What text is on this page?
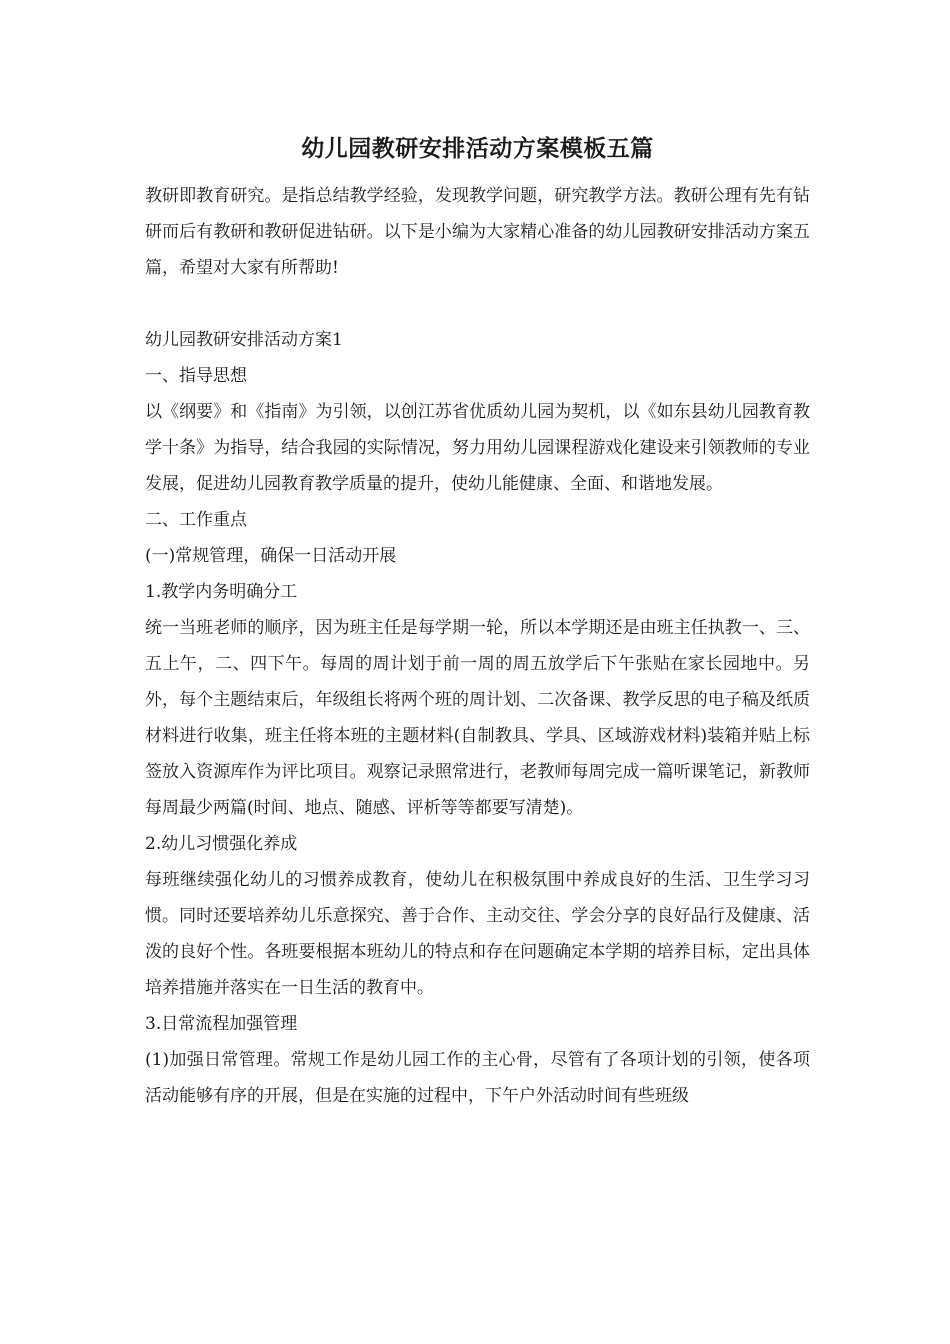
幼儿园教研安排活动方案模板五篇

教研即教育研究。是指总结教学经验，发现教学问题，研究教学方法。教研公理有先有钻研而后有教研和教研促进钻研。以下是小编为大家精心准备的幼儿园教研安排活动方案五篇，希望对大家有所帮助!

幼儿园教研安排活动方案1

一、指导思想

以《纲要》和《指南》为引领，以创江苏省优质幼儿园为契机，以《如东县幼儿园教育教学十条》为指导，结合我园的实际情况，努力用幼儿园课程游戏化建设来引领教师的专业发展，促进幼儿园教育教学质量的提升，使幼儿能健康、全面、和谐地发展。

二、工作重点

(一)常规管理，确保一日活动开展

1.教学内务明确分工

统一当班老师的顺序，因为班主任是每学期一轮，所以本学期还是由班主任执教一、三、五上午，二、四下午。每周的周计划于前一周的周五放学后下午张贴在家长园地中。另外，每个主题结束后，年级组长将两个班的周计划、二次备课、教学反思的电子稿及纸质材料进行收集，班主任将本班的主题材料(自制教具、学具、区域游戏材料)装箱并贴上标签放入资源库作为评比项目。观察记录照常进行，老教师每周完成一篇听课笔记，新教师每周最少两篇(时间、地点、随感、评析等等都要写清楚)。

2.幼儿习惯强化养成

每班继续强化幼儿的习惯养成教育，使幼儿在积极氛围中养成良好的生活、卫生学习习惯。同时还要培养幼儿乐意探究、善于合作、主动交往、学会分享的良好品行及健康、活泼的良好个性。各班要根据本班幼儿的特点和存在问题确定本学期的培养目标，定出具体培养措施并落实在一日生活的教育中。

3.日常流程加强管理

(1)加强日常管理。常规工作是幼儿园工作的主心骨，尽管有了各项计划的引领，使各项活动能够有序的开展，但是在实施的过程中，下午户外活动时间有些班级
